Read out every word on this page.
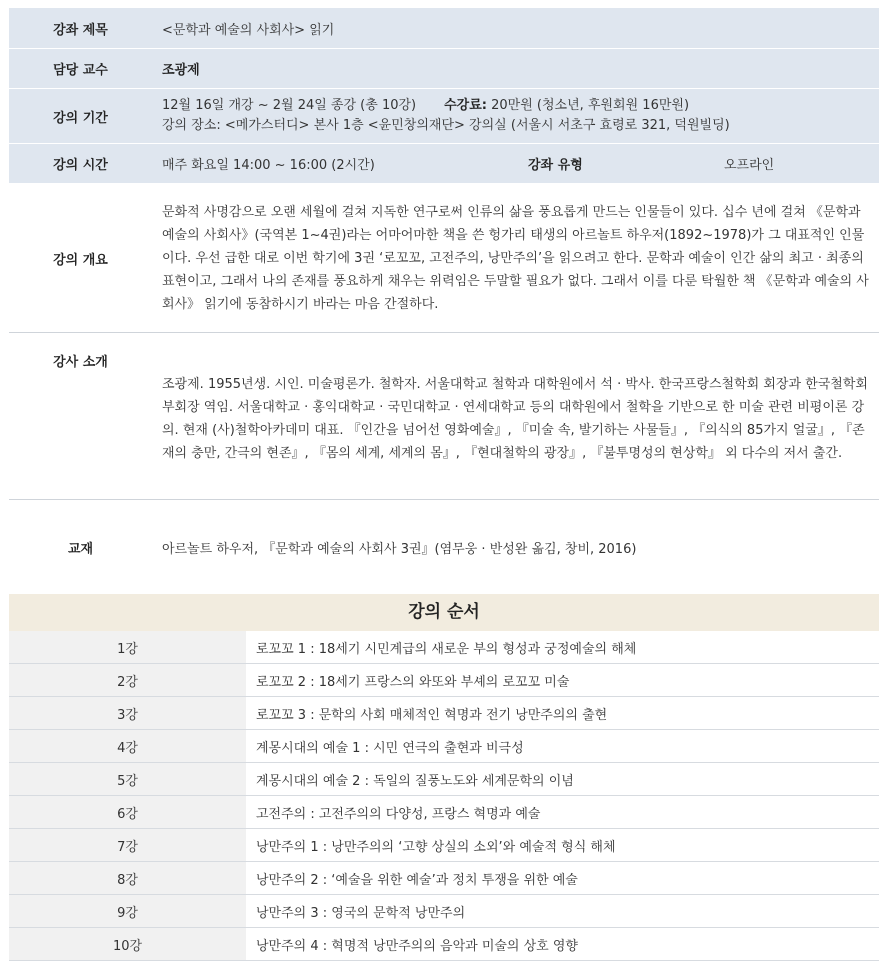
강좌 제목	<문학과 예술의 사회사> 읽기
담당 교수	조광제
강의 기간	12월 16일 개강 ~ 2월 24일 종강 (총 10강) 수강료: 20만원 (청소년, 후원회원 16만원)
강의 장소: <메가스터디> 본사 1층 <윤민창의재단> 강의실 (서울시 서초구 효령로 321, 덕원빌딩)

강의 시간	매주 화요일 14:00 ~ 16:00 (2시간) 강좌 유형 오프라인

강의 개요	문화적 사명감으로 오랜 세월에 걸쳐 지독한 연구로써 인류의 삶을 풍요롭게 만드는 인물들이 있다. 십수 년에 걸쳐 《문학과 예술의 사회사》(국역본 1~4권)라는 어마어마한 책을 쓴 헝가리 태생의 아르놀트 하우저(1892~1978)가 그 대표적인 인물이다. 우선 급한 대로 이번 학기에 3권 ‘로꼬꼬, 고전주의, 낭만주의’을 읽으려고 한다. 문학과 예술이 인간 삶의 최고 · 최종의 표현이고, 그래서 나의 존재를 풍요하게 채우는 위력임은 두말할 필요가 없다. 그래서 이를 다룬 탁월한 책 《문학과 예술의 사회사》 읽기에 동참하시기 바라는 마음 간절하다.

강사 소개	조광제. 1955년생. 시인. 미술평론가. 철학자. 서울대학교 철학과 대학원에서 석 · 박사. 한국프랑스철학회 회장과 한국철학회 부회장 역임. 서울대학교 · 홍익대학교 · 국민대학교 · 연세대학교 등의 대학원에서 철학을 기반으로 한 미술 관련 비평이론 강의. 현재 (사)철학아카데미 대표. 『인간을 넘어선 영화예술』, 『미술 속, 발기하는 사물들』, 『의식의 85가지 얼굴』, 『존재의 충만, 간극의 현존』, 『몸의 세계, 세계의 몸』, 『현대철학의 광장』, 『불투명성의 현상학』 외 다수의 저서 출간.

교재	아르놀트 하우저, 『문학과 예술의 사회사 3권』(염무웅 · 반성완 옮김, 창비, 2016)
강의 순서
1강	로꼬꼬 1 : 18세기 시민계급의 새로운 부의 형성과 궁정예술의 해체
2강	로꼬꼬 2 : 18세기 프랑스의 와또와 부셰의 로꼬꼬 미술
3강	로꼬꼬 3 : 문학의 사회 매체적인 혁명과 전기 낭만주의의 출현
4강	계몽시대의 예술 1 : 시민 연극의 출현과 비극성
5강	계몽시대의 예술 2 : 독일의 질풍노도와 세계문학의 이념
6강	고전주의 : 고전주의의 다양성, 프랑스 혁명과 예술
7강	낭만주의 1 : 낭만주의의 ‘고향 상실의 소외’와 예술적 형식 해체
8강	낭만주의 2 : ‘예술을 위한 예술’과 정치 투쟁을 위한 예술
9강	낭만주의 3 : 영국의 문학적 낭만주의
10강	낭만주의 4 : 혁명적 낭만주의의 음악과 미술의 상호 영향
